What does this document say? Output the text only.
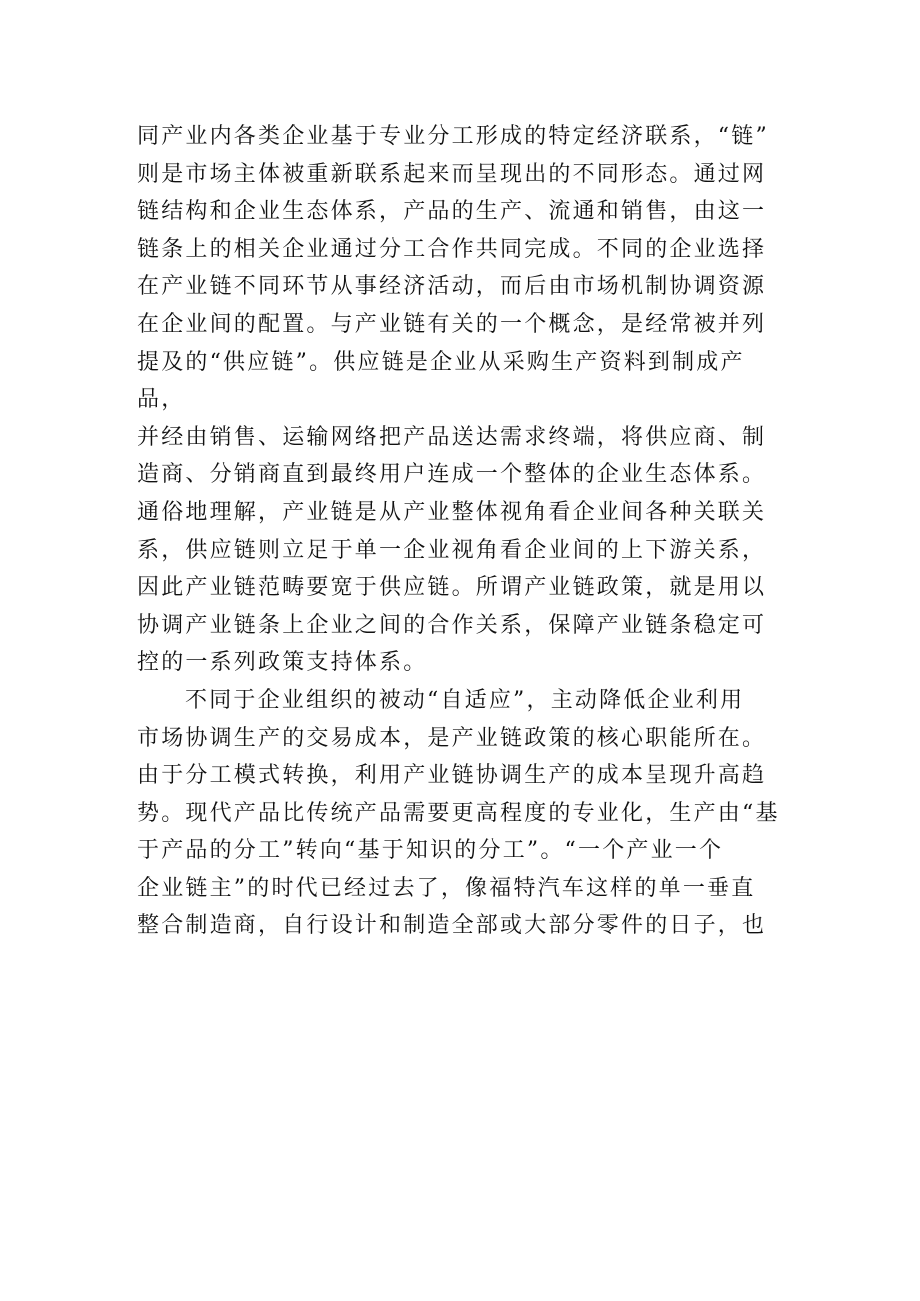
同产业内各类企业基于专业分工形成的特定经济联系，“链”
则是市场主体被重新联系起来而呈现出的不同形态。通过网
链结构和企业生态体系，产品的生产、流通和销售，由这一
链条上的相关企业通过分工合作共同完成。不同的企业选择
在产业链不同环节从事经济活动，而后由市场机制协调资源
在企业间的配置。与产业链有关的一个概念，是经常被并列
提及的“供应链”。供应链是企业从采购生产资料到制成产
品，
并经由销售、运输网络把产品送达需求终端，将供应商、制
造商、分销商直到最终用户连成一个整体的企业生态体系。
通俗地理解，产业链是从产业整体视角看企业间各种关联关
系，供应链则立足于单一企业视角看企业间的上下游关系，
因此产业链范畴要宽于供应链。所谓产业链政策，就是用以
协调产业链条上企业之间的合作关系，保障产业链条稳定可
控的一系列政策支持体系。
不同于企业组织的被动“自适应”，主动降低企业利用
市场协调生产的交易成本，是产业链政策的核心职能所在。
由于分工模式转换，利用产业链协调生产的成本呈现升高趋
势。现代产品比传统产品需要更高程度的专业化，生产由“基
于产品的分工”转向“基于知识的分工”。“一个产业一个
企业链主”的时代已经过去了，像福特汽车这样的单一垂直
整合制造商，自行设计和制造全部或大部分零件的日子，也
